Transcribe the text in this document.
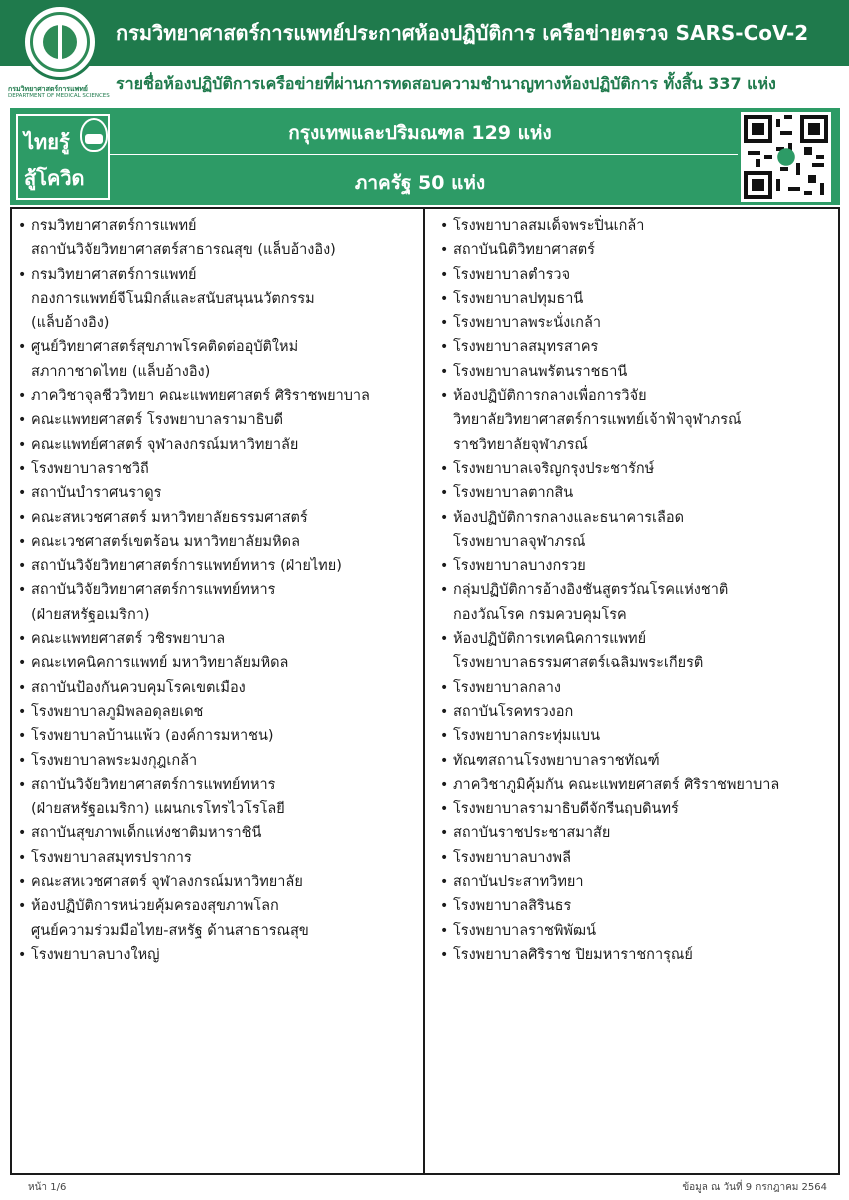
กรมวิทยาศาสตร์การแพทย์ประกาศห้องปฏิบัติการ เครือข่ายตรวจ SARS-CoV-2
กรมวิทยาศาสตร์การแพทย์
DEPARTMENT OF MEDICAL SCIENCES
รายชื่อห้องปฏิบัติการเครือข่ายที่ผ่านการทดสอบความชำนาญทางห้องปฏิบัติการ ทั้งสิ้น 337 แห่ง
ไทยรู้
สู้โควิด
กรุงเทพและปริมณฑล 129 แห่ง
ภาครัฐ 50 แห่ง
• กรมวิทยาศาสตร์การแพทย์
สถาบันวิจัยวิทยาศาสตร์สาธารณสุข (แล็บอ้างอิง)
• กรมวิทยาศาสตร์การแพทย์
กองการแพทย์จีโนมิกส์และสนับสนุนนวัตกรรม
(แล็บอ้างอิง)
• ศูนย์วิทยาศาสตร์สุขภาพโรคติดต่ออุบัติใหม่
สภากาชาดไทย (แล็บอ้างอิง)
• ภาควิชาจุลชีววิทยา คณะแพทยศาสตร์ ศิริราชพยาบาล
• คณะแพทยศาสตร์ โรงพยาบาลรามาธิบดี
• คณะแพทย์ศาสตร์ จุฬาลงกรณ์มหาวิทยาลัย
• โรงพยาบาลราชวิถี
• สถาบันบำราศนราดูร
• คณะสหเวชศาสตร์ มหาวิทยาลัยธรรมศาสตร์
• คณะเวชศาสตร์เขตร้อน มหาวิทยาลัยมหิดล
• สถาบันวิจัยวิทยาศาสตร์การแพทย์ทหาร (ฝ่ายไทย)
• สถาบันวิจัยวิทยาศาสตร์การแพทย์ทหาร
(ฝ่ายสหรัฐอเมริกา)
• คณะแพทยศาสตร์ วชิรพยาบาล
• คณะเทคนิคการแพทย์ มหาวิทยาลัยมหิดล
• สถาบันป้องกันควบคุมโรคเขตเมือง
• โรงพยาบาลภูมิพลอดุลยเดช
• โรงพยาบาลบ้านแพ้ว (องค์การมหาชน)
• โรงพยาบาลพระมงกุฎเกล้า
• สถาบันวิจัยวิทยาศาสตร์การแพทย์ทหาร
(ฝ่ายสหรัฐอเมริกา) แผนกเรโทรไวโรโลยี
• สถาบันสุขภาพเด็กแห่งชาติมหาราชินี
• โรงพยาบาลสมุทรปราการ
• คณะสหเวชศาสตร์ จุฬาลงกรณ์มหาวิทยาลัย
• ห้องปฏิบัติการหน่วยคุ้มครองสุขภาพโลก
ศูนย์ความร่วมมือไทย-สหรัฐ ด้านสาธารณสุข
• โรงพยาบาลบางใหญ่
• โรงพยาบาลสมเด็จพระปิ่นเกล้า
• สถาบันนิติวิทยาศาสตร์
• โรงพยาบาลตำรวจ
• โรงพยาบาลปทุมธานี
• โรงพยาบาลพระนั่งเกล้า
• โรงพยาบาลสมุทรสาคร
• โรงพยาบาลนพรัตนราชธานี
• ห้องปฏิบัติการกลางเพื่อการวิจัย
วิทยาลัยวิทยาศาสตร์การแพทย์เจ้าฟ้าจุฬาภรณ์
ราชวิทยาลัยจุฬาภรณ์
• โรงพยาบาลเจริญกรุงประชารักษ์
• โรงพยาบาลตากสิน
• ห้องปฏิบัติการกลางและธนาคารเลือด
โรงพยาบาลจุฬาภรณ์
• โรงพยาบาลบางกรวย
• กลุ่มปฏิบัติการอ้างอิงชันสูตรวัณโรคแห่งชาติ
กองวัณโรค กรมควบคุมโรค
• ห้องปฏิบัติการเทคนิคการแพทย์
โรงพยาบาลธรรมศาสตร์เฉลิมพระเกียรติ
• โรงพยาบาลกลาง
• สถาบันโรคทรวงอก
• โรงพยาบาลกระทุ่มแบน
• ทัณฑสถานโรงพยาบาลราชทัณฑ์
• ภาควิชาภูมิคุ้มกัน คณะแพทยศาสตร์ ศิริราชพยาบาล
• โรงพยาบาลรามาธิบดีจักรีนฤบดินทร์
• สถาบันราชประชาสมาสัย
• โรงพยาบาลบางพลี
• สถาบันประสาทวิทยา
• โรงพยาบาลสิรินธร
• โรงพยาบาลราชพิพัฒน์
• โรงพยาบาลศิริราช ปิยมหาราชการุณย์
หน้า 1/6	ข้อมูล ณ วันที่ 9 กรกฎาคม 2564
